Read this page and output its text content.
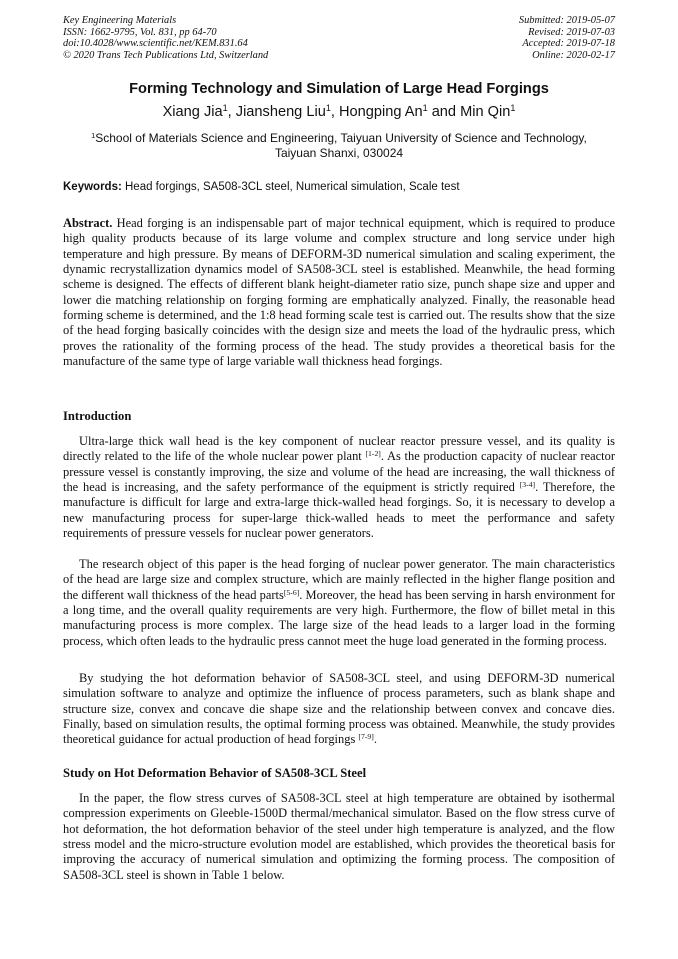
Key Engineering Materials
ISSN: 1662-9795, Vol. 831, pp 64-70
doi:10.4028/www.scientific.net/KEM.831.64
© 2020 Trans Tech Publications Ltd, Switzerland
Submitted: 2019-05-07
Revised: 2019-07-03
Accepted: 2019-07-18
Online: 2020-02-17
Forming Technology and Simulation of Large Head Forgings
Xiang Jia$^1$, Jiansheng Liu$^1$, Hongping An$^1$ and Min Qin$^1$
$^1$School of Materials Science and Engineering, Taiyuan University of Science and Technology, Taiyuan Shanxi, 030024
Keywords: Head forgings, SA508-3CL steel, Numerical simulation, Scale test

Abstract. Head forging is an indispensable part of major technical equipment, which is required to produce high quality products because of its large volume and complex structure and long service under high temperature and high pressure. By means of DEFORM-3D numerical simulation and scaling experiment, the dynamic recrystallization dynamics model of SA508-3CL steel is established. Meanwhile, the head forming scheme is designed. The effects of different blank height-diameter ratio size, punch shape size and upper and lower die matching relationship on forging forming are emphatically analyzed. Finally, the reasonable head forming scheme is determined, and the 1:8 head forming scale test is carried out. The results show that the size of the head forging basically coincides with the design size and meets the load of the hydraulic press, which proves the rationality of the forming process of the head. The study provides a theoretical basis for the manufacture of the same type of large variable wall thickness head forgings.

Introduction

Ultra-large thick wall head is the key component of nuclear reactor pressure vessel, and its quality is directly related to the life of the whole nuclear power plant [1-2]. As the production capacity of nuclear reactor pressure vessel is constantly improving, the size and volume of the head are increasing, the wall thickness of the head is increasing, and the safety performance of the equipment is strictly required [3-4]. Therefore, the manufacture is difficult for large and extra-large thick-walled head forgings. So, it is necessary to develop a new manufacturing process for super-large thick-walled heads to meet the performance and safety requirements of pressure vessels for nuclear power generators.

The research object of this paper is the head forging of nuclear power generator. The main characteristics of the head are large size and complex structure, which are mainly reflected in the higher flange position and the different wall thickness of the head parts[5-6]. Moreover, the head has been serving in harsh environment for a long time, and the overall quality requirements are very high. Furthermore, the flow of billet metal in this manufacturing process is more complex. The large size of the head leads to a larger load in the forming process, which often leads to the hydraulic press cannot meet the huge load generated in the forming process.

By studying the hot deformation behavior of SA508-3CL steel, and using DEFORM-3D numerical simulation software to analyze and optimize the influence of process parameters, such as blank shape and structure size, convex and concave die shape size and the relationship between convex and concave dies. Finally, based on simulation results, the optimal forming process was obtained. Meanwhile, the study provides theoretical guidance for actual production of head forgings [7-9].

Study on Hot Deformation Behavior of SA508-3CL Steel

In the paper, the flow stress curves of SA508-3CL steel at high temperature are obtained by isothermal compression experiments on Gleeble-1500D thermal/mechanical simulator. Based on the flow stress curve of hot deformation, the hot deformation behavior of the steel under high temperature is analyzed, and the flow stress model and the micro-structure evolution model are established, which provides the theoretical basis for improving the accuracy of numerical simulation and optimizing the forming process. The composition of SA508-3CL steel is shown in Table 1 below.
